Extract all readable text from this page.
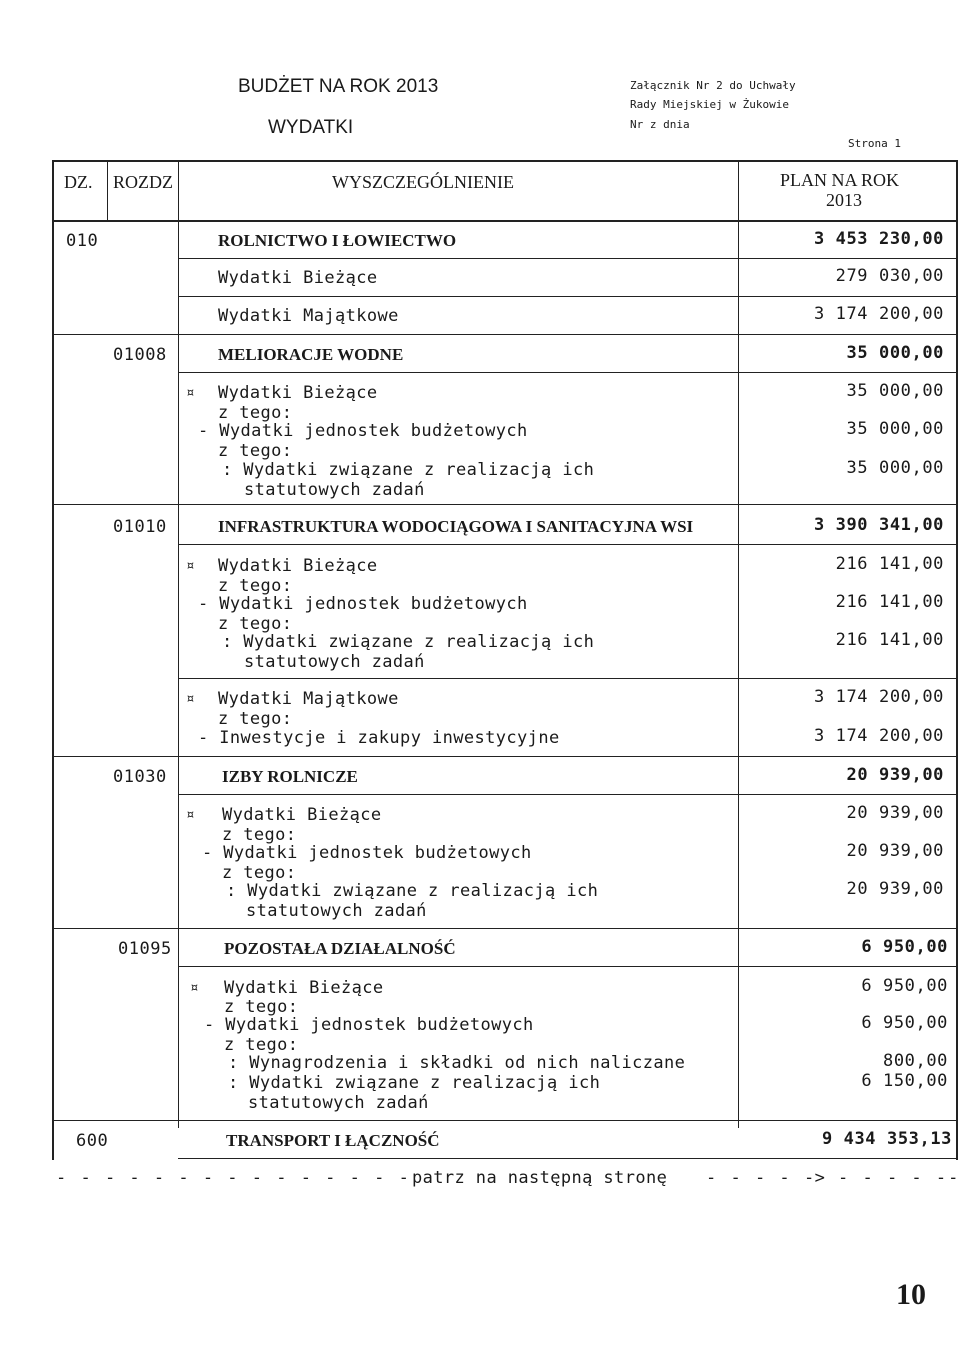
BUDŻET NA ROK 2013
WYDATKI
Załącznik Nr 2 do Uchwały
Rady Miejskiej w Żukowie
Nr z dnia
Strona 1
DZ. ROZDZ	WYSZCZEGÓLNIENIE	PLAN NA ROK
2013
010	ROLNICTWO I ŁOWIECTWO	3 453 230,00
Wydatki Bieżące	279 030,00
Wydatki Majątkowe	3 174 200,00
01008	MELIORACJE WODNE	35 000,00
¤ Wydatki Bieżące	35 000,00
z tego:
- Wydatki jednostek budżetowych	35 000,00
z tego:
: Wydatki związane z realizacją ich	35 000,00
statutowych zadań
01010	INFRASTRUKTURA WODOCIĄGOWA I SANITACYJNA WSI	3 390 341,00
¤ Wydatki Bieżące	216 141,00
z tego:
- Wydatki jednostek budżetowych	216 141,00
z tego:
: Wydatki związane z realizacją ich	216 141,00
statutowych zadań
¤ Wydatki Majątkowe	3 174 200,00
z tego:
- Inwestycje i zakupy inwestycyjne	3 174 200,00
01030	IZBY ROLNICZE	20 939,00
¤ Wydatki Bieżące	20 939,00
z tego:
- Wydatki jednostek budżetowych	20 939,00
z tego:
: Wydatki związane z realizacją ich	20 939,00
statutowych zadań
01095	POZOSTAŁA DZIAŁALNOŚĆ	6 950,00
¤ Wydatki Bieżące	6 950,00
z tego:
- Wydatki jednostek budżetowych	6 950,00
z tego:
: Wynagrodzenia i składki od nich naliczane	800,00
: Wydatki związane z realizacją ich	6 150,00
statutowych zadań
600	TRANSPORT I ŁĄCZNOŚĆ	9 434 353,13
- - - - - - - - - - - - - - - patrz na następną stronę - - - - -> - - - - --
10
